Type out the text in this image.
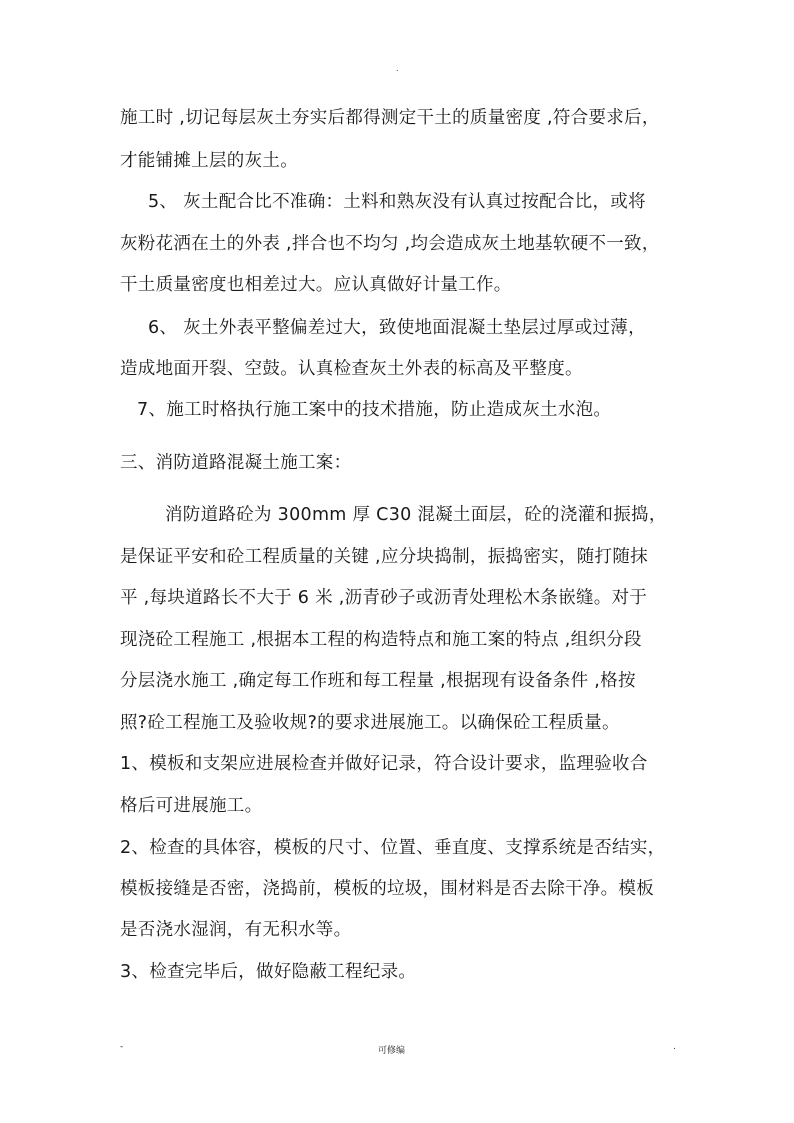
.
施工时 ,切记每层灰土夯实后都得测定干土的质量密度 ,符合要求后，
才能铺摊上层的灰土。
5、 灰土配合比不准确：土料和熟灰没有认真过按配合比，或将
灰粉花洒在土的外表 ,拌合也不均匀 ,均会造成灰土地基软硬不一致，
干土质量密度也相差过大。应认真做好计量工作。
6、 灰土外表平整偏差过大，致使地面混凝土垫层过厚或过薄，
造成地面开裂、空鼓。认真检查灰土外表的标高及平整度。
7、施工时格执行施工案中的技术措施，防止造成灰土水泡。
三、消防道路混凝土施工案：
消防道路砼为 300mm 厚 C30 混凝土面层，砼的浇灌和振捣，
是保证平安和砼工程质量的关键 ,应分块捣制，振捣密实，随打随抹
平 ,每块道路长不大于 6 米 ,沥青砂子或沥青处理松木条嵌缝。对于
现浇砼工程施工 ,根据本工程的构造特点和施工案的特点 ,组织分段
分层浇水施工 ,确定每工作班和每工程量 ,根据现有设备条件 ,格按
照?砼工程施工及验收规?的要求进展施工。以确保砼工程质量。
1、模板和支架应进展检查并做好记录，符合设计要求，监理验收合
格后可进展施工。
2、检查的具体容，模板的尺寸、位置、垂直度、支撑系统是否结实，
模板接缝是否密，浇捣前，模板的垃圾，围材料是否去除干净。模板
是否浇水湿润，有无积水等。
3、检查完毕后，做好隐蔽工程纪录。
-	可修编	.
